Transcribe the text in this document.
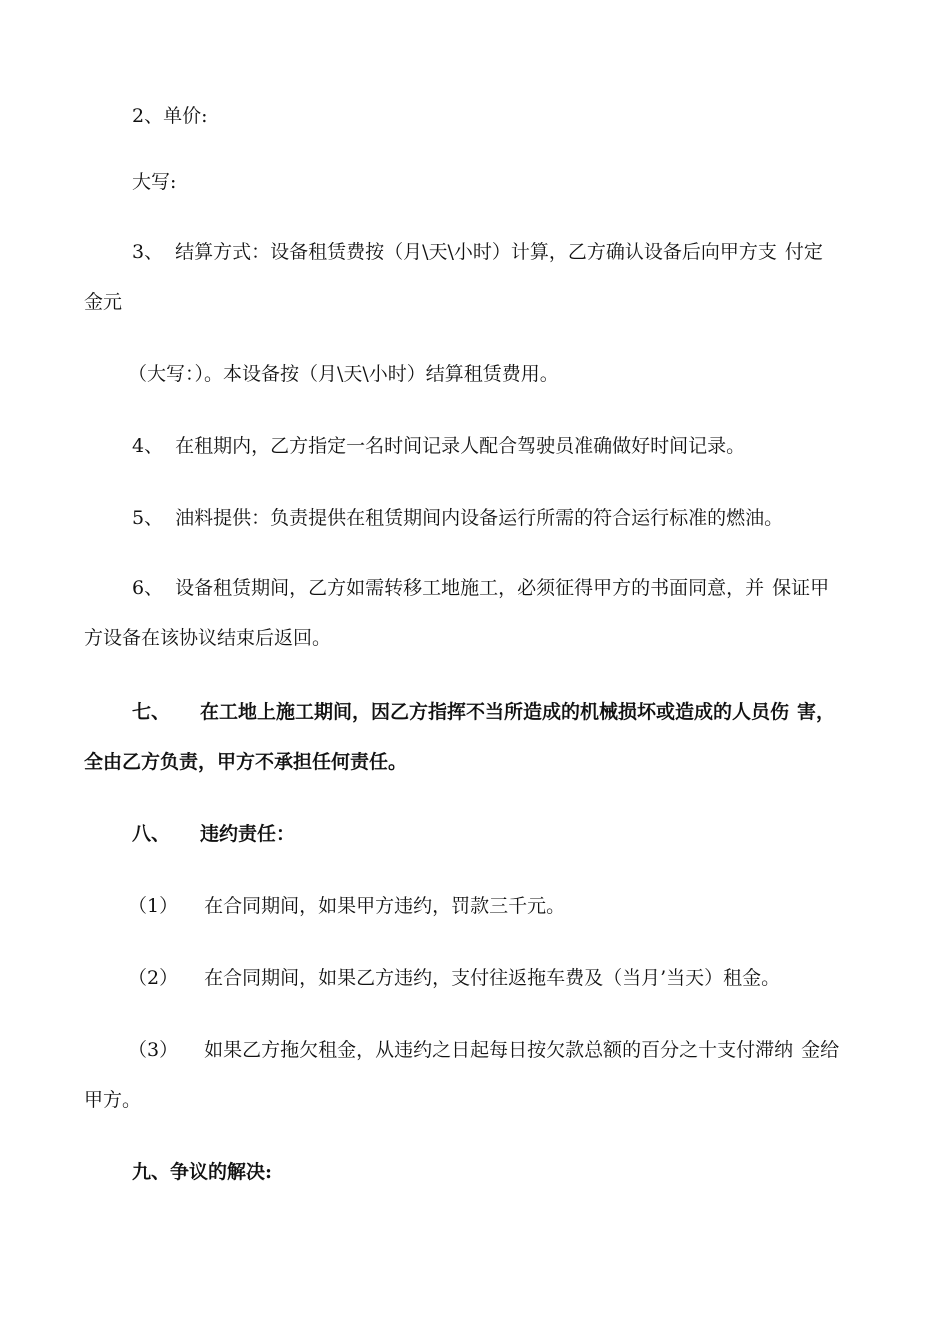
2、单价:
大写:
3、 结算方式：设备租赁费按（月\天\小时）计算，乙方确认设备后向甲方支 付定
金元
（大写：）。本设备按（月\天\小时）结算租赁费用。
4、 在租期内，乙方指定一名时间记录人配合驾驶员准确做好时间记录。
5、 油料提供：负责提供在租赁期间内设备运行所需的符合运行标准的燃油。
6、 设备租赁期间，乙方如需转移工地施工，必须征得甲方的书面同意，并 保证甲
方设备在该协议结束后返回。
七、 在工地上施工期间，因乙方指挥不当所造成的机械损坏或造成的人员伤 害，
全由乙方负责，甲方不承担任何责任。
八、 违约责任：
（1） 在合同期间，如果甲方违约，罚款三千元。
（2） 在合同期间，如果乙方违约，支付往返拖车费及（当月’当天）租金。
（3） 如果乙方拖欠租金，从违约之日起每日按欠款总额的百分之十支付滞纳 金给
甲方。
九、争议的解决:
